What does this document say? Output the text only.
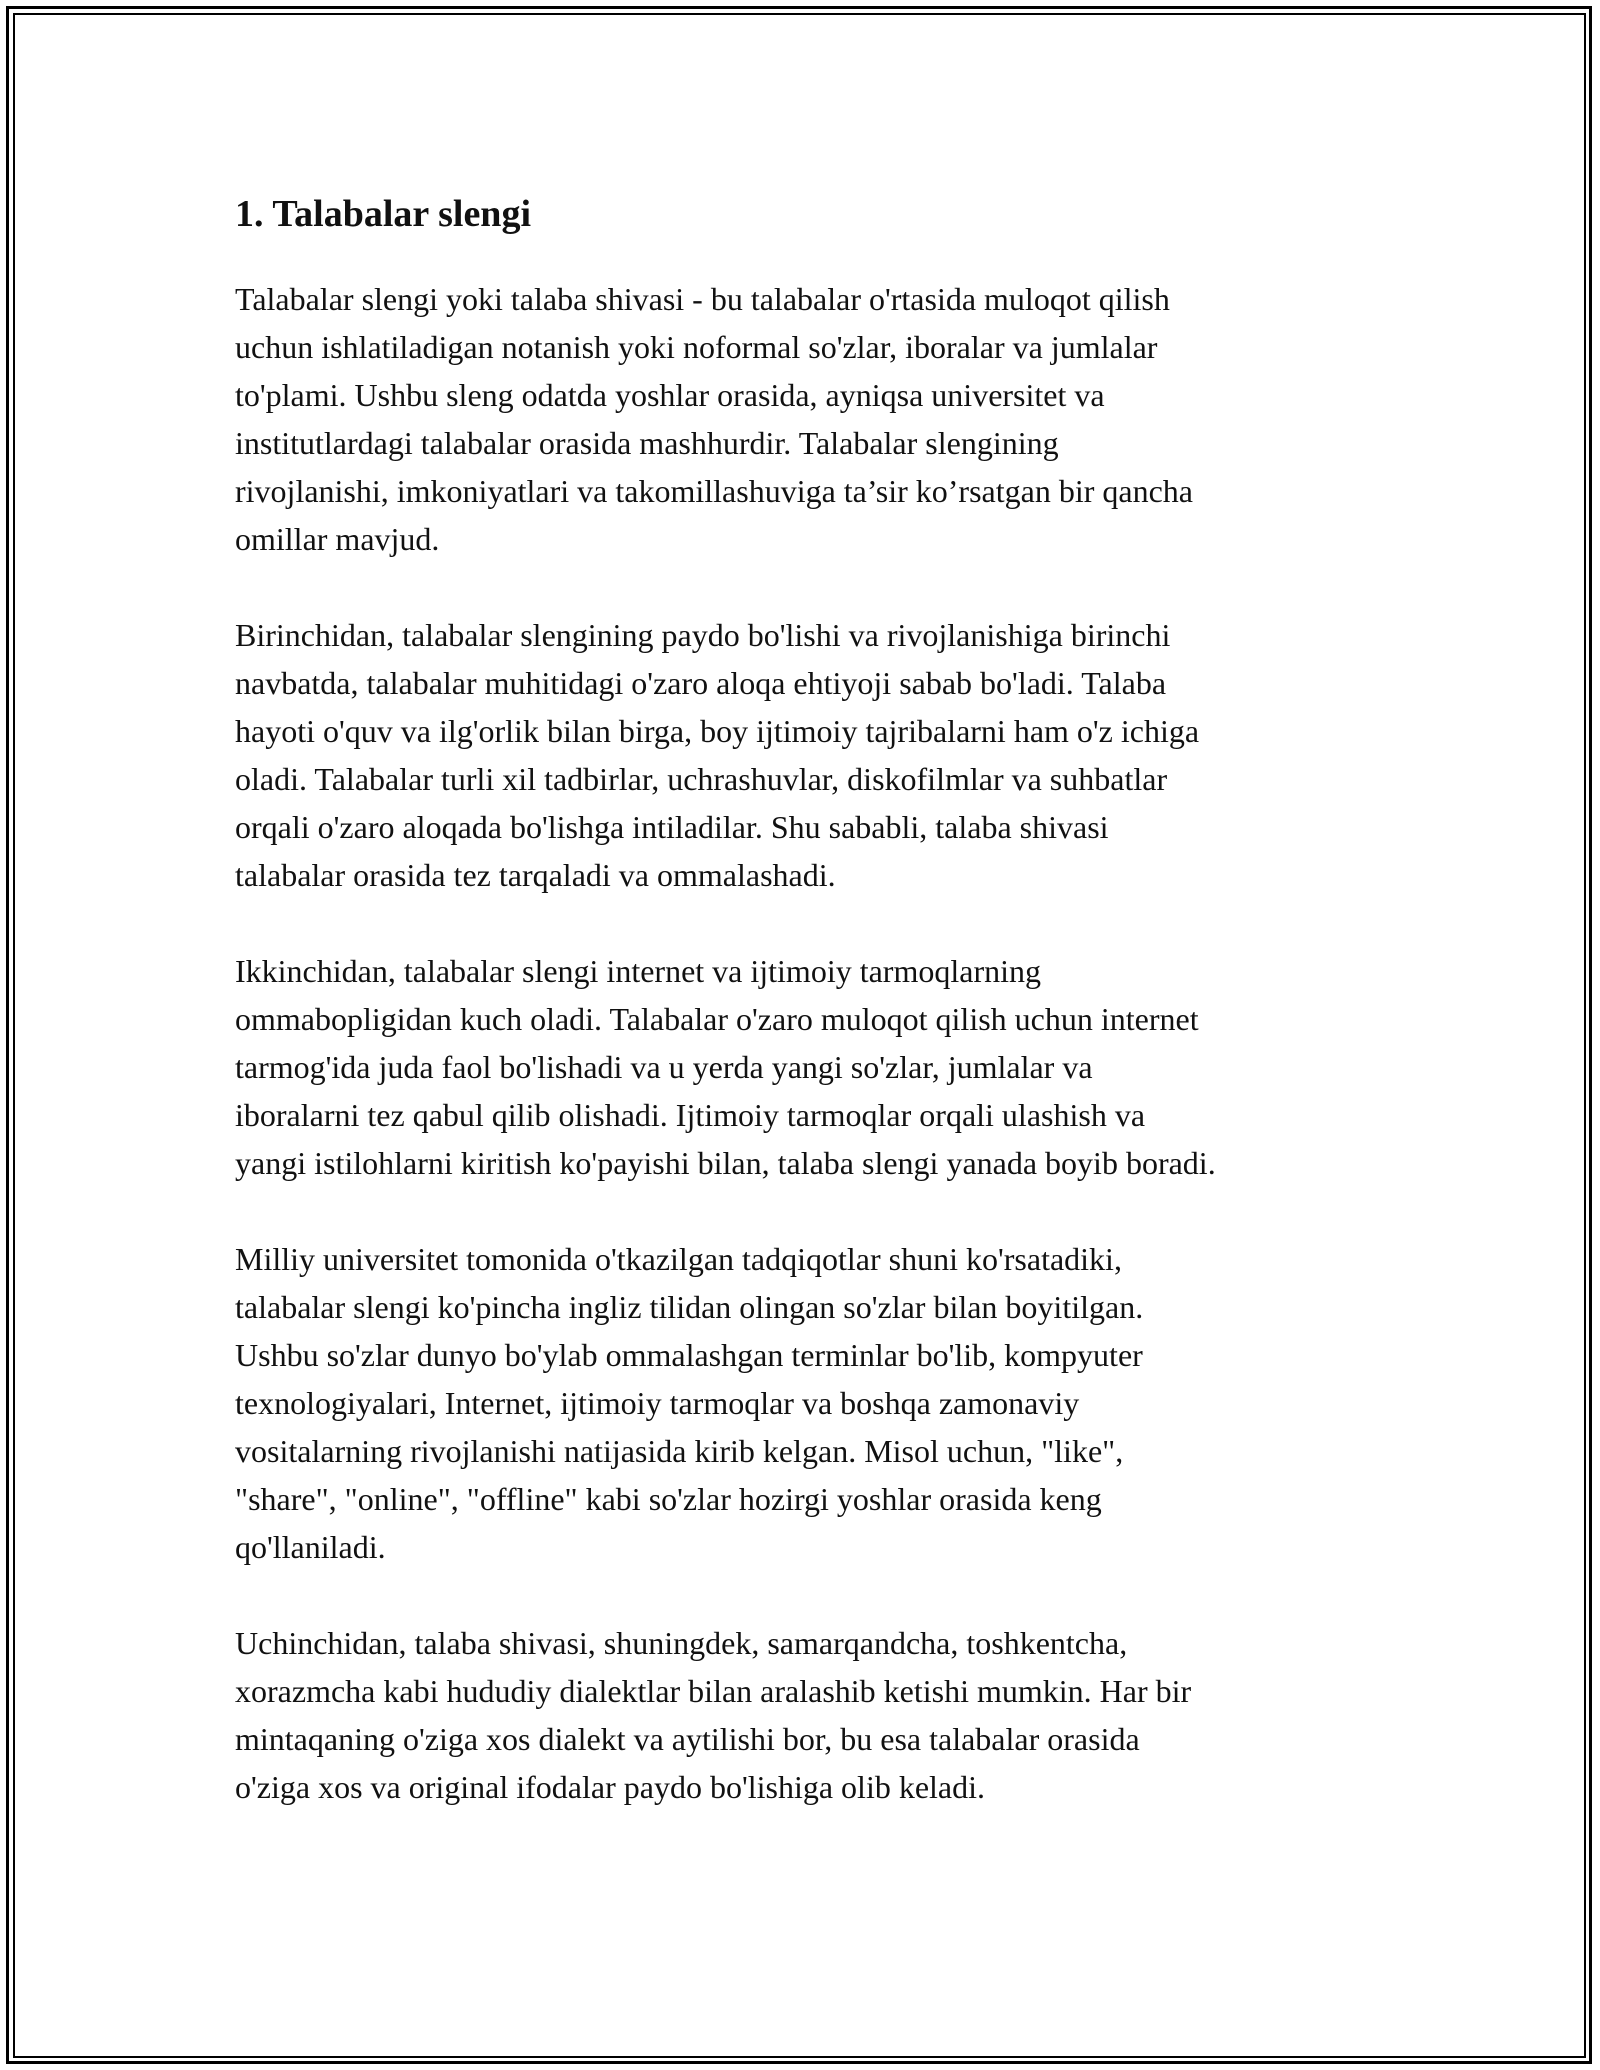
1. Talabalar slengi

Talabalar slengi yoki talaba shivasi - bu talabalar o'rtasida muloqot qilish
uchun ishlatiladigan notanish yoki noformal so'zlar, iboralar va jumlalar
to'plami. Ushbu sleng odatda yoshlar orasida, ayniqsa universitet va
institutlardagi talabalar orasida mashhurdir. Talabalar slengining
rivojlanishi, imkoniyatlari va takomillashuviga ta’sir ko’rsatgan bir qancha
omillar mavjud.

Birinchidan, talabalar slengining paydo bo'lishi va rivojlanishiga birinchi
navbatda, talabalar muhitidagi o'zaro aloqa ehtiyoji sabab bo'ladi. Talaba
hayoti o'quv va ilg'orlik bilan birga, boy ijtimoiy tajribalarni ham o'z ichiga
oladi. Talabalar turli xil tadbirlar, uchrashuvlar, diskofilmlar va suhbatlar
orqali o'zaro aloqada bo'lishga intiladilar. Shu sababli, talaba shivasi
talabalar orasida tez tarqaladi va ommalashadi.

Ikkinchidan, talabalar slengi internet va ijtimoiy tarmoqlarning
ommabopligidan kuch oladi. Talabalar o'zaro muloqot qilish uchun internet
tarmog'ida juda faol bo'lishadi va u yerda yangi so'zlar, jumlalar va
iboralarni tez qabul qilib olishadi. Ijtimoiy tarmoqlar orqali ulashish va
yangi istilohlarni kiritish ko'payishi bilan, talaba slengi yanada boyib boradi.

Milliy universitet tomonida o'tkazilgan tadqiqotlar shuni ko'rsatadiki,
talabalar slengi ko'pincha ingliz tilidan olingan so'zlar bilan boyitilgan.
Ushbu so'zlar dunyo bo'ylab ommalashgan terminlar bo'lib, kompyuter
texnologiyalari, Internet, ijtimoiy tarmoqlar va boshqa zamonaviy
vositalarning rivojlanishi natijasida kirib kelgan. Misol uchun, "like",
"share", "online", "offline" kabi so'zlar hozirgi yoshlar orasida keng
qo'llaniladi.

Uchinchidan, talaba shivasi, shuningdek, samarqandcha, toshkentcha,
xorazmcha kabi hududiy dialektlar bilan aralashib ketishi mumkin. Har bir
mintaqaning o'ziga xos dialekt va aytilishi bor, bu esa talabalar orasida
o'ziga xos va original ifodalar paydo bo'lishiga olib keladi.
